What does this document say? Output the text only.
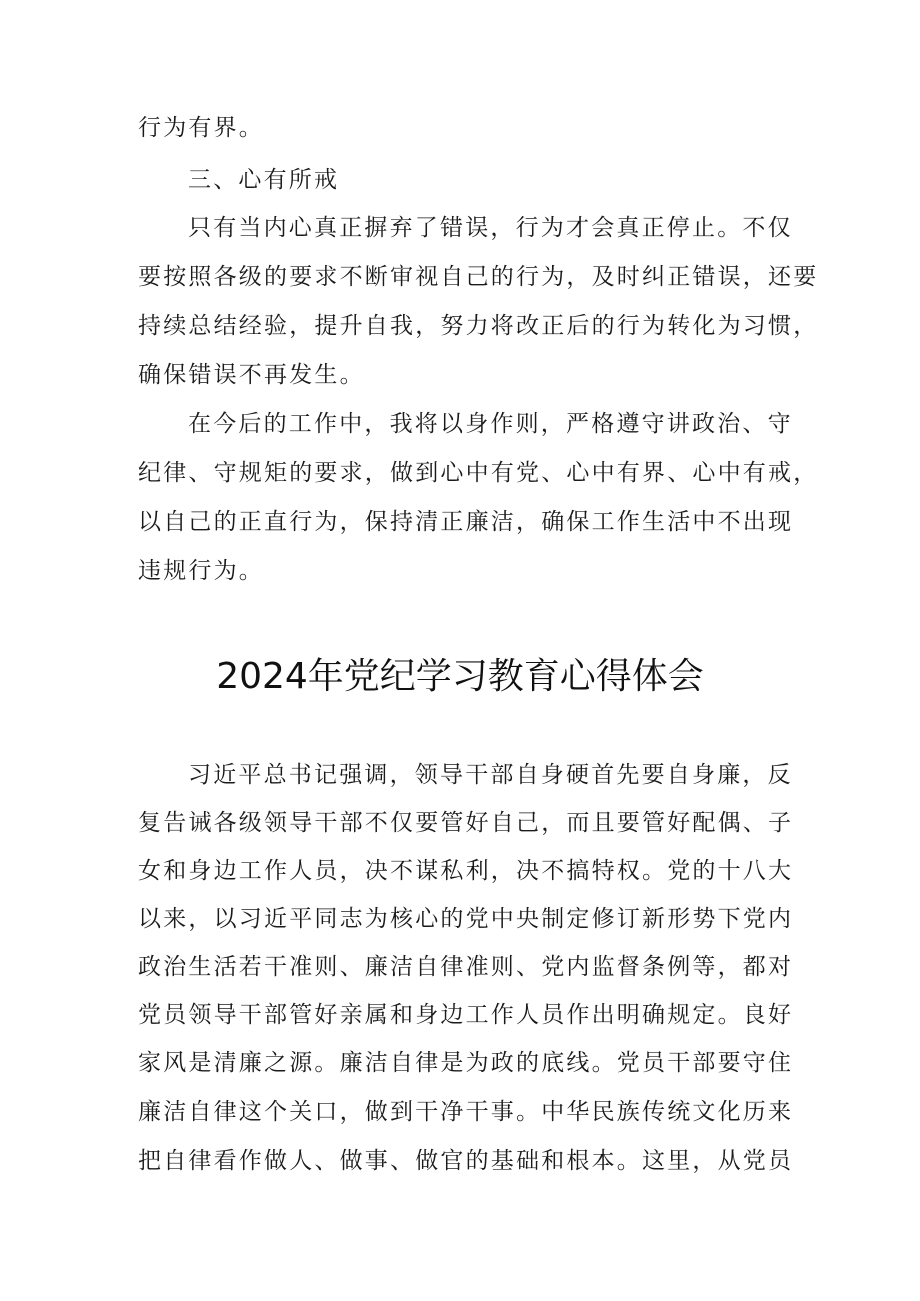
行为有界。
三、心有所戒
只有当内心真正摒弃了错误，行为才会真正停止。不仅
要按照各级的要求不断审视自己的行为，及时纠正错误，还要
持续总结经验，提升自我，努力将改正后的行为转化为习惯，
确保错误不再发生。
在今后的工作中，我将以身作则，严格遵守讲政治、守
纪律、守规矩的要求，做到心中有党、心中有界、心中有戒，
以自己的正直行为，保持清正廉洁，确保工作生活中不出现
违规行为。
2024年党纪学习教育心得体会
习近平总书记强调，领导干部自身硬首先要自身廉，反
复告诫各级领导干部不仅要管好自己，而且要管好配偶、子
女和身边工作人员，决不谋私利，决不搞特权。党的十八大
以来，以习近平同志为核心的党中央制定修订新形势下党内
政治生活若干准则、廉洁自律准则、党内监督条例等，都对
党员领导干部管好亲属和身边工作人员作出明确规定。良好
家风是清廉之源。廉洁自律是为政的底线。党员干部要守住
廉洁自律这个关口，做到干净干事。中华民族传统文化历来
把自律看作做人、做事、做官的基础和根本。这里，从党员
